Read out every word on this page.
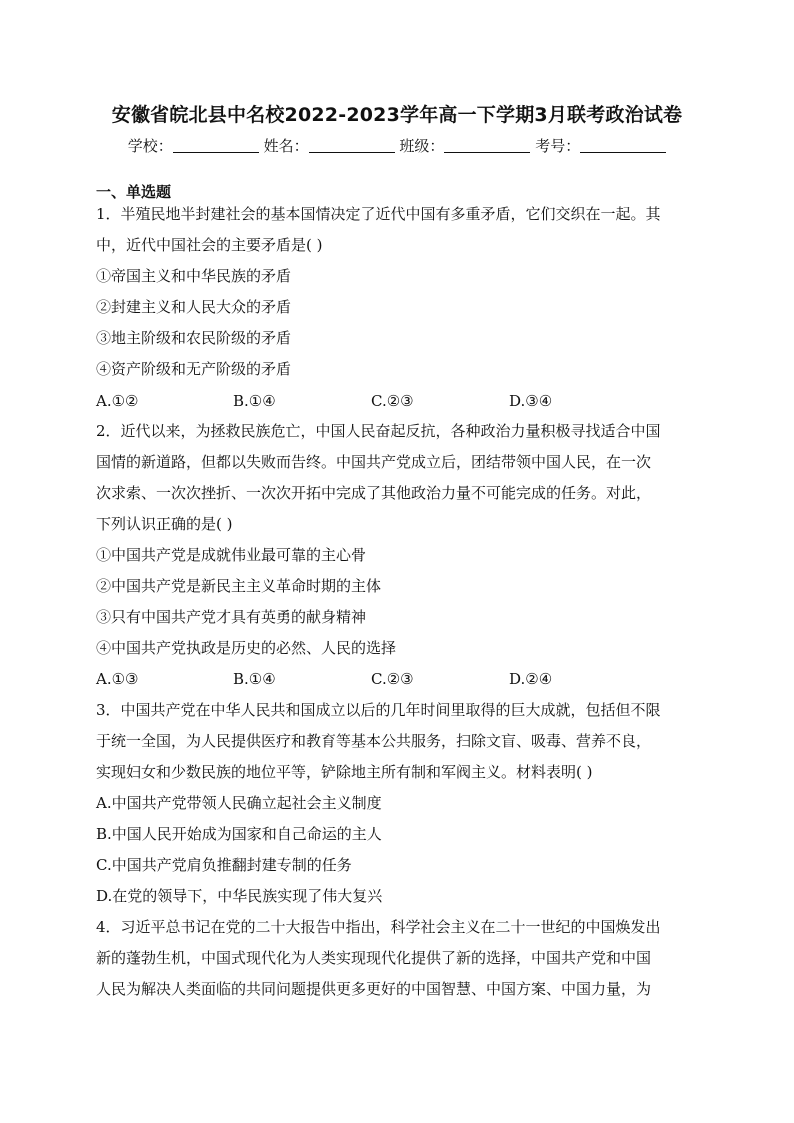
安徽省皖北县中名校2022-2023学年高一下学期3月联考政治试卷
学校：	姓名：	班级：	考号：
一、单选题
1．半殖民地半封建社会的基本国情决定了近代中国有多重矛盾，它们交织在一起。其
中，近代中国社会的主要矛盾是( )
①帝国主义和中华民族的矛盾
②封建主义和人民大众的矛盾
③地主阶级和农民阶级的矛盾
④资产阶级和无产阶级的矛盾
A.①②	B.①④	C.②③	D.③④
2．近代以来，为拯救民族危亡，中国人民奋起反抗，各种政治力量积极寻找适合中国
国情的新道路，但都以失败而告终。中国共产党成立后，团结带领中国人民，在一次
次求索、一次次挫折、一次次开拓中完成了其他政治力量不可能完成的任务。对此，
下列认识正确的是( )
①中国共产党是成就伟业最可靠的主心骨
②中国共产党是新民主主义革命时期的主体
③只有中国共产党才具有英勇的献身精神
④中国共产党执政是历史的必然、人民的选择
A.①③	B.①④	C.②③	D.②④
3．中国共产党在中华人民共和国成立以后的几年时间里取得的巨大成就，包括但不限
于统一全国，为人民提供医疗和教育等基本公共服务，扫除文盲、吸毒、营养不良，
实现妇女和少数民族的地位平等，铲除地主所有制和军阀主义。材料表明( )
A.中国共产党带领人民确立起社会主义制度
B.中国人民开始成为国家和自己命运的主人
C.中国共产党肩负推翻封建专制的任务
D.在党的领导下，中华民族实现了伟大复兴
4．习近平总书记在党的二十大报告中指出，科学社会主义在二十一世纪的中国焕发出
新的蓬勃生机，中国式现代化为人类实现现代化提供了新的选择，中国共产党和中国
人民为解决人类面临的共同问题提供更多更好的中国智慧、中国方案、中国力量，为
